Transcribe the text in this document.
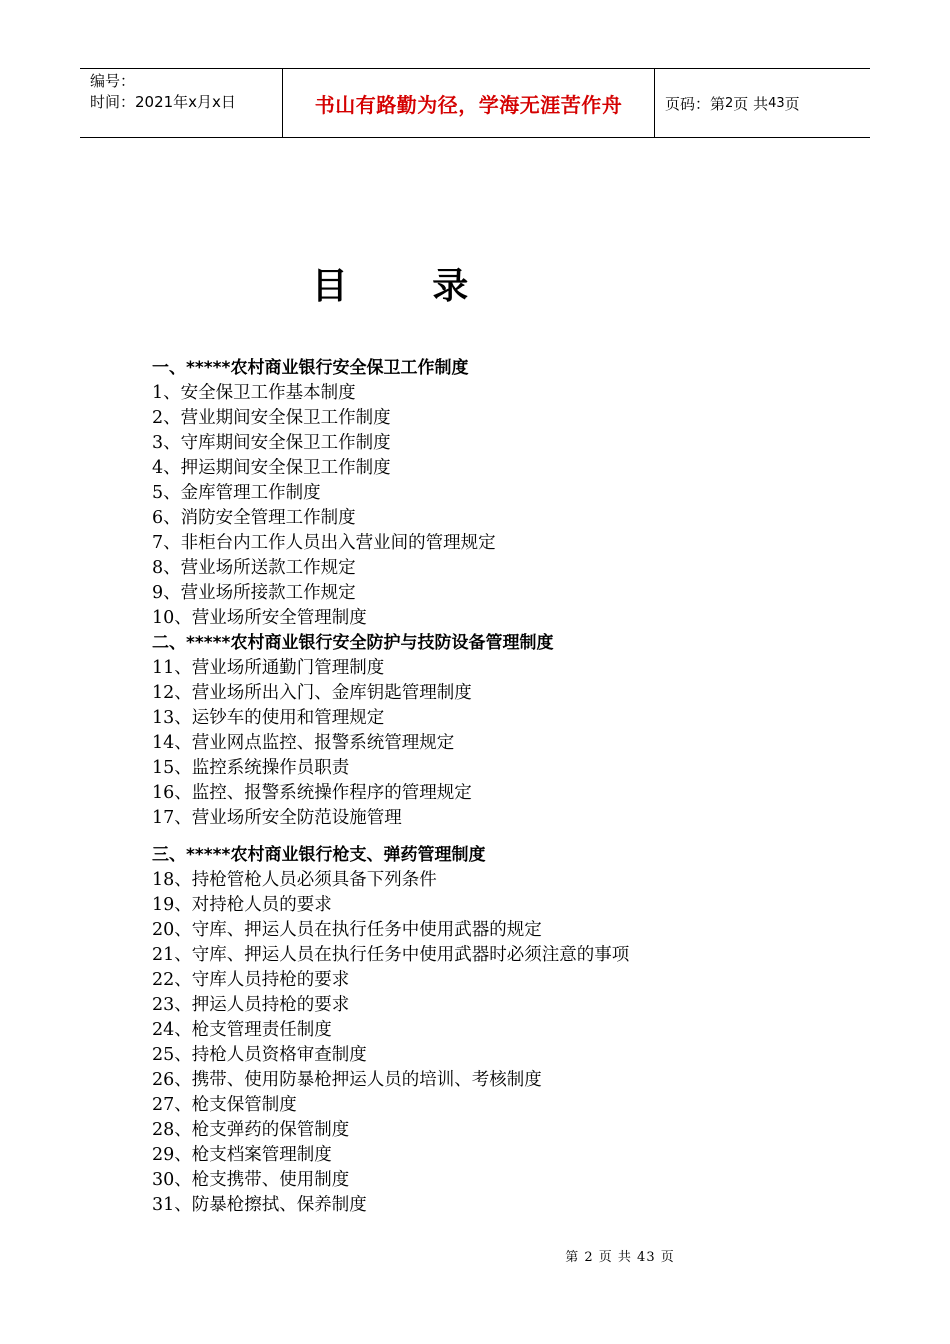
编号：
时间：2021年x月x日	书山有路勤为径，学海无涯苦作舟	页码：第 2 页 共 43 页
目 录
一、*****农村商业银行安全保卫工作制度
1、安全保卫工作基本制度
2、营业期间安全保卫工作制度
3、守库期间安全保卫工作制度
4、押运期间安全保卫工作制度
5、金库管理工作制度
6、消防安全管理工作制度
7、非柜台内工作人员出入营业间的管理规定
8、营业场所送款工作规定
9、营业场所接款工作规定
10、营业场所安全管理制度
二、*****农村商业银行安全防护与技防设备管理制度
11、营业场所通勤门管理制度
12、营业场所出入门、金库钥匙管理制度
13、运钞车的使用和管理规定
14、营业网点监控、报警系统管理规定
15、监控系统操作员职责
16、监控、报警系统操作程序的管理规定
17、营业场所安全防范设施管理
三、*****农村商业银行枪支、弹药管理制度
18、持枪管枪人员必须具备下列条件
19、对持枪人员的要求
20、守库、押运人员在执行任务中使用武器的规定
21、守库、押运人员在执行任务中使用武器时必须注意的事项
22、守库人员持枪的要求
23、押运人员持枪的要求
24、枪支管理责任制度
25、持枪人员资格审查制度
26、携带、使用防暴枪押运人员的培训、考核制度
27、枪支保管制度
28、枪支弹药的保管制度
29、枪支档案管理制度
30、枪支携带、使用制度
31、防暴枪擦拭、保养制度
第 2 页 共 43 页
